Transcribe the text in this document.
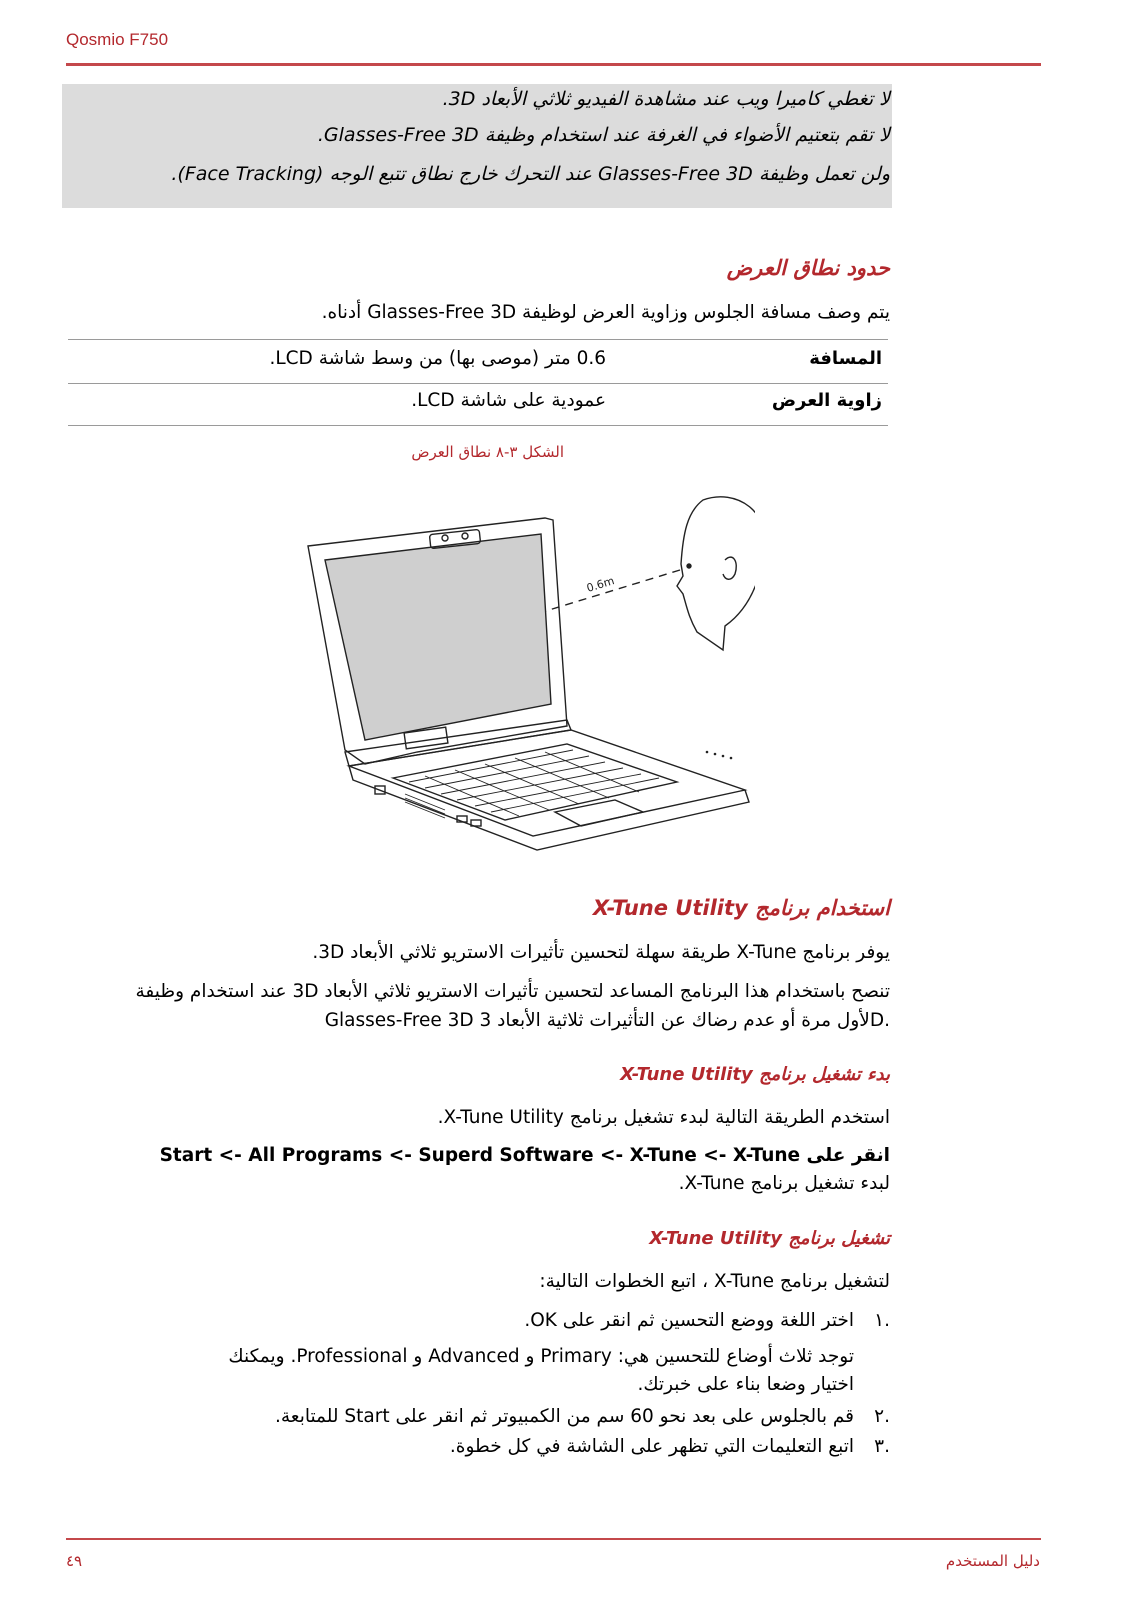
Qosmio F750
لا تغطي كاميرا ويب عند مشاهدة الفيديو ثلاثي الأبعاد 3D.
لا تقم بتعتيم الأضواء في الغرفة عند استخدام وظيفة Glasses-Free 3D.
ولن تعمل وظيفة Glasses-Free 3D عند التحرك خارج نطاق تتبع الوجه (Face Tracking).
حدود نطاق العرض
يتم وصف مسافة الجلوس وزاوية العرض لوظيفة Glasses-Free 3D أدناه.
المسافة
0.6 متر (موصى بها) من وسط شاشة LCD.
زاوية العرض
عمودية على شاشة LCD.
الشكل ٣-٨ نطاق العرض
0.6m
استخدام برنامج X-Tune Utility
يوفر برنامج X-Tune طريقة سهلة لتحسين تأثيرات الاستريو ثلاثي الأبعاد 3D.
تنصح باستخدام هذا البرنامج المساعد لتحسين تأثيرات الاستريو ثلاثي الأبعاد 3D عند استخدام وظيفة
Glasses-Free 3D لأول مرة أو عدم رضاك عن التأثيرات ثلاثية الأبعاد 3D.
بدء تشغيل برنامج X-Tune Utility
استخدم الطريقة التالية لبدء تشغيل برنامج X-Tune Utility.
انقر على Start <- All Programs <- Superd Software <- X-Tune <- X-Tune
لبدء تشغيل برنامج X-Tune.
تشغيل برنامج X-Tune Utility
لتشغيل برنامج X-Tune ، اتبع الخطوات التالية:
١.
اختر اللغة ووضع التحسين ثم انقر على OK.
توجد ثلاث أوضاع للتحسين هي: Primary و Advanced و Professional. ويمكنك
اختيار وضعا بناء على خبرتك.
٢.
قم بالجلوس على بعد نحو 60 سم من الكمبيوتر ثم انقر على Start للمتابعة.
٣.
اتبع التعليمات التي تظهر على الشاشة في كل خطوة.
٤٩	دليل المستخدم
